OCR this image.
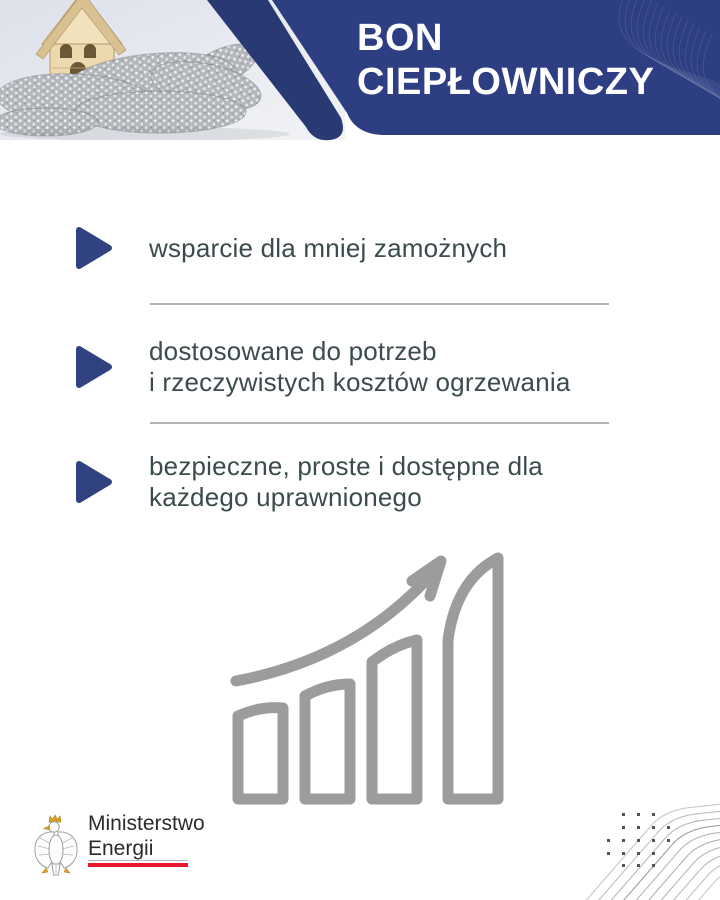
BON
CIEPŁOWNICZY
wsparcie dla mniej zamożnych
dostosowane do potrzeb
i rzeczywistych kosztów ogrzewania
bezpieczne, proste i dostępne dla
każdego uprawnionego
Ministerstwo
Energii
